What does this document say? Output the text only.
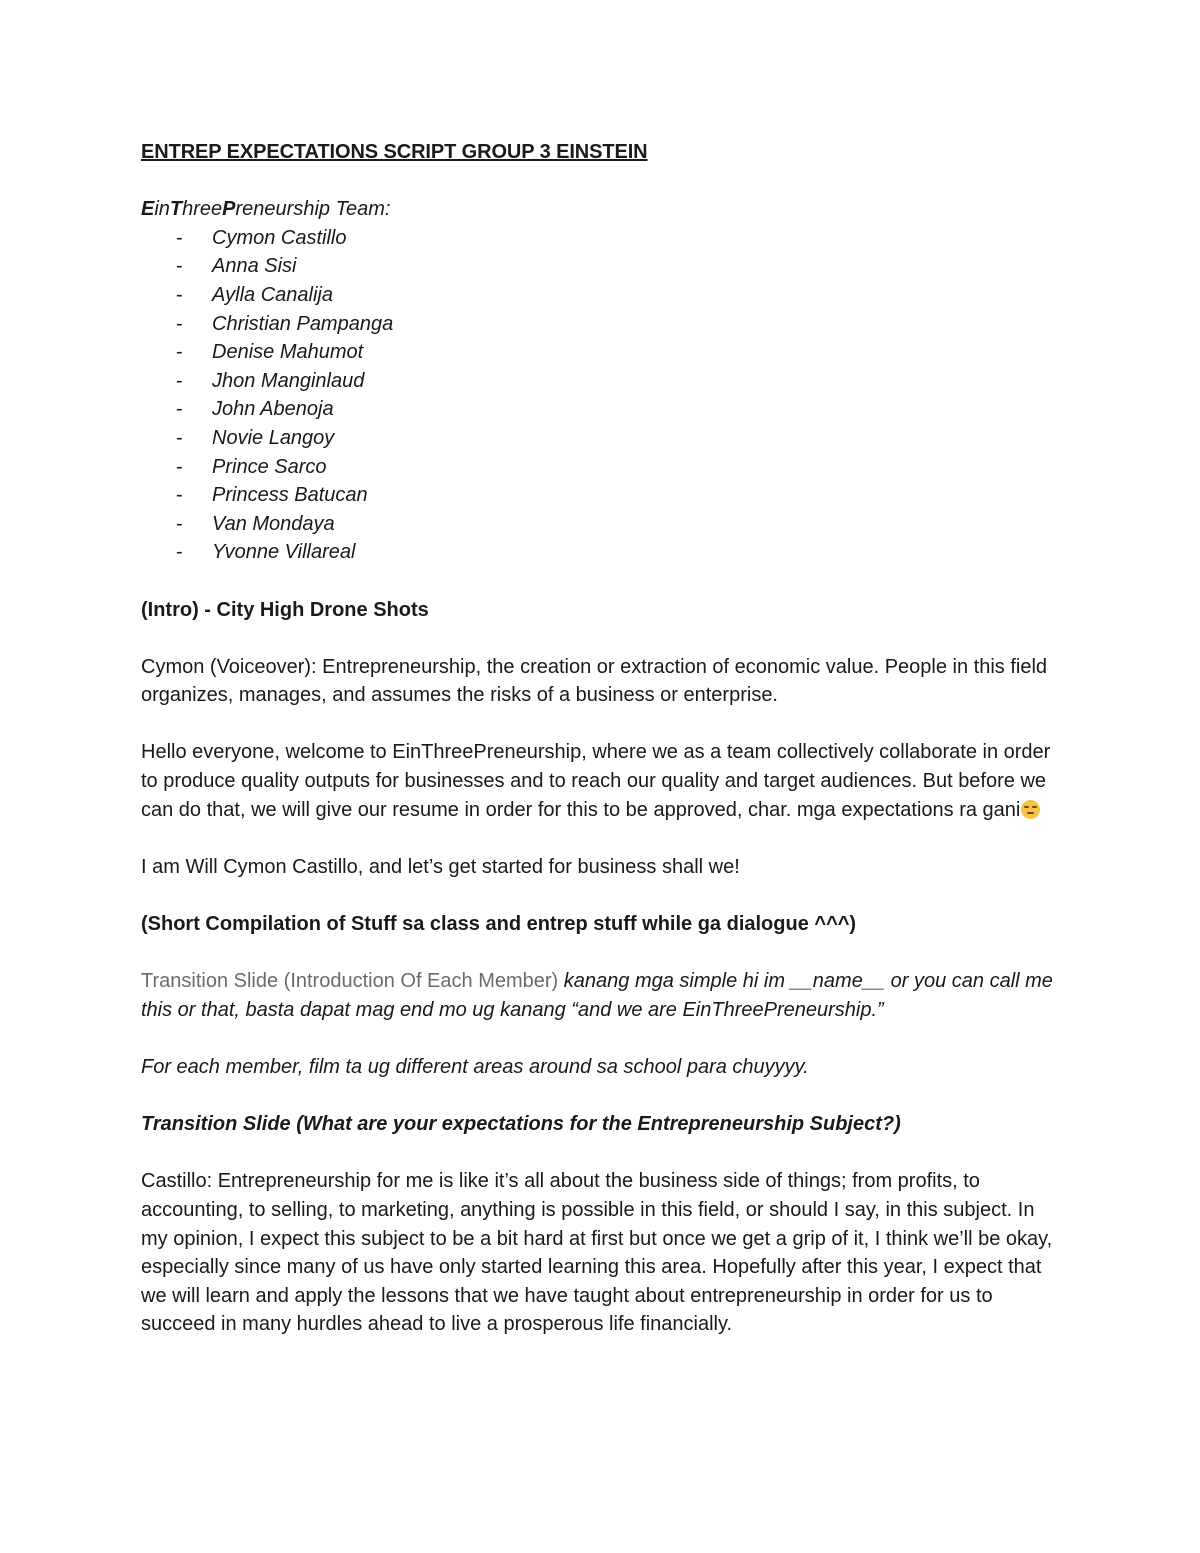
ENTREP EXPECTATIONS SCRIPT GROUP 3 EINSTEIN

EinThreePreneurship Team:

- Cymon Castillo
- Anna Sisi
- Aylla Canalija
- Christian Pampanga
- Denise Mahumot
- Jhon Manginlaud
- John Abenoja
- Novie Langoy
- Prince Sarco
- Princess Batucan
- Van Mondaya
- Yvonne Villareal

(Intro) - City High Drone Shots

Cymon (Voiceover): Entrepreneurship, the creation or extraction of economic value. People in this field organizes, manages, and assumes the risks of a business or enterprise.

Hello everyone, welcome to EinThreePreneurship, where we as a team collectively collaborate in order to produce quality outputs for businesses and to reach our quality and target audiences. But before we can do that, we will give our resume in order for this to be approved, char. mga expectations ra gani

I am Will Cymon Castillo, and let’s get started for business shall we!

(Short Compilation of Stuff sa class and entrep stuff while ga dialogue ^^^)

Transition Slide (Introduction Of Each Member) kanang mga simple hi im __name__ or you can call me this or that, basta dapat mag end mo ug kanang “and we are EinThreePreneurship.”

For each member, film ta ug different areas around sa school para chuyyyy.

Transition Slide (What are your expectations for the Entrepreneurship Subject?)

Castillo: Entrepreneurship for me is like it’s all about the business side of things; from profits, to accounting, to selling, to marketing, anything is possible in this field, or should I say, in this subject. In my opinion, I expect this subject to be a bit hard at first but once we get a grip of it, I think we’ll be okay, especially since many of us have only started learning this area. Hopefully after this year, I expect that we will learn and apply the lessons that we have taught about entrepreneurship in order for us to succeed in many hurdles ahead to live a prosperous life financially.
